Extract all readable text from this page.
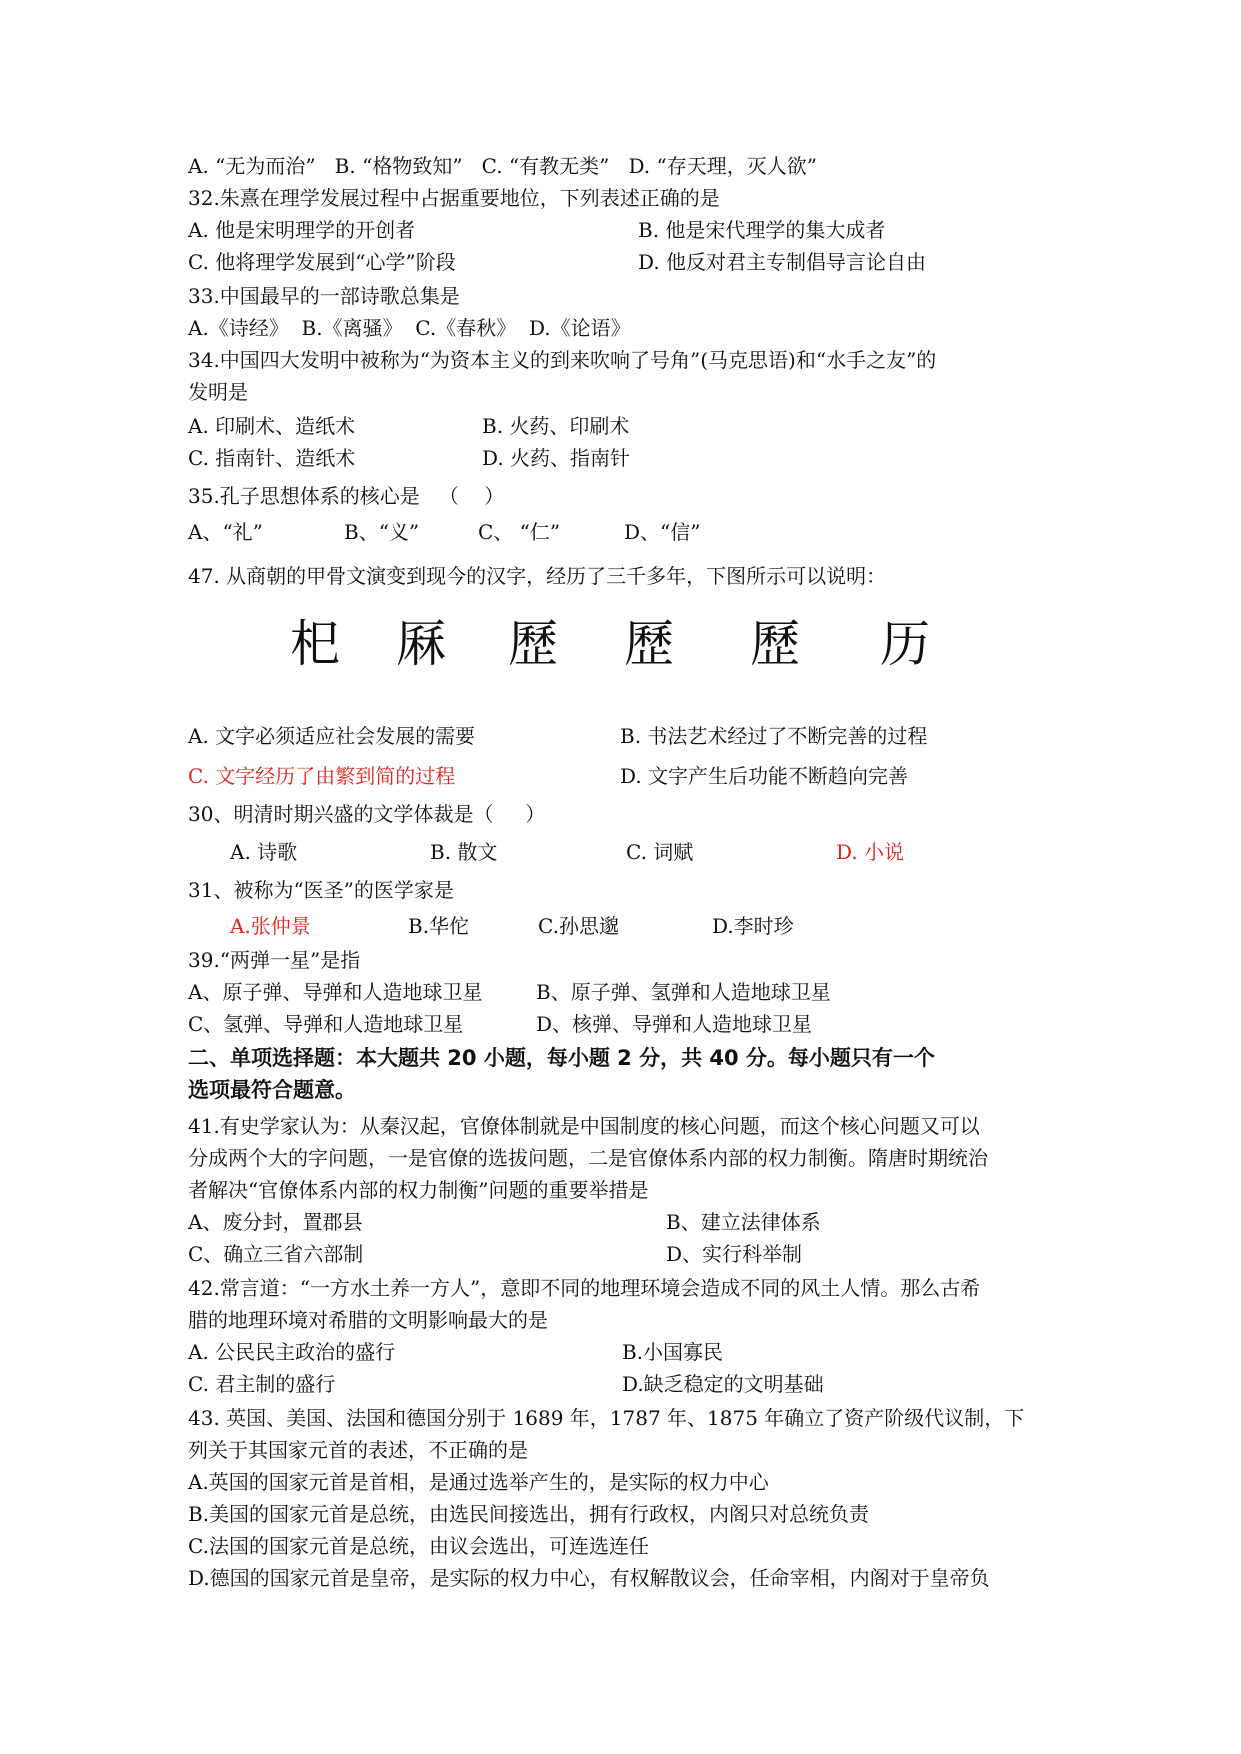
A. “无为而治”   B. “格物致知”   C. “有教无类”   D. “存天理，灭人欲”
32.朱熹在理学发展过程中占据重要地位，下列表述正确的是
A. 他是宋明理学的开创者	B. 他是宋代理学的集大成者
C. 他将理学发展到“心学”阶段	D. 他反对君主专制倡导言论自由
33.中国最早的一部诗歌总集是
A.《诗经》  B.《离骚》  C.《春秋》  D.《论语》
34.中国四大发明中被称为“为资本主义的到来吹响了号角”(马克思语)和“水手之友”的
发明是
A. 印刷术、造纸术	B. 火药、印刷术
C. 指南针、造纸术	D. 火药、指南针
35.孔子思想体系的核心是   （    ）
A、“礼”	B、“义”	C、 “仁”	D、“信”
47. 从商朝的甲骨文演变到现今的汉字，经历了三千多年，下图所示可以说明：
𣏌 厤 歷 歷 歷 历
A. 文字必须适应社会发展的需要	B. 书法艺术经过了不断完善的过程
C. 文字经历了由繁到简的过程	D. 文字产生后功能不断趋向完善
30、明清时期兴盛的文学体裁是（     ）
A. 诗歌	B. 散文	C. 词赋	D. 小说
31、被称为“医圣”的医学家是
A.张仲景	B.华佗	C.孙思邈	D.李时珍
39.“两弹一星”是指
A、原子弹、导弹和人造地球卫星	B、原子弹、氢弹和人造地球卫星
C、氢弹、导弹和人造地球卫星	D、核弹、导弹和人造地球卫星
二、单项选择题：本大题共 20 小题，每小题 2 分，共 40 分。每小题只有一个
选项最符合题意。
41.有史学家认为：从秦汉起，官僚体制就是中国制度的核心问题，而这个核心问题又可以
分成两个大的字问题，一是官僚的选拔问题，二是官僚体系内部的权力制衡。隋唐时期统治
者解决“官僚体系内部的权力制衡”问题的重要举措是
A、废分封，置郡县	B、建立法律体系
C、确立三省六部制	D、实行科举制
42.常言道：“一方水土养一方人”，意即不同的地理环境会造成不同的风土人情。那么古希
腊的地理环境对希腊的文明影响最大的是
A. 公民民主政治的盛行	B.小国寡民
C. 君主制的盛行	D.缺乏稳定的文明基础
43. 英国、美国、法国和德国分别于 1689 年，1787 年、1875 年确立了资产阶级代议制，下
列关于其国家元首的表述，不正确的是
A.英国的国家元首是首相，是通过选举产生的，是实际的权力中心
B.美国的国家元首是总统，由选民间接选出，拥有行政权，内阁只对总统负责
C.法国的国家元首是总统，由议会选出，可连选连任
D.德国的国家元首是皇帝，是实际的权力中心，有权解散议会，任命宰相，内阁对于皇帝负
